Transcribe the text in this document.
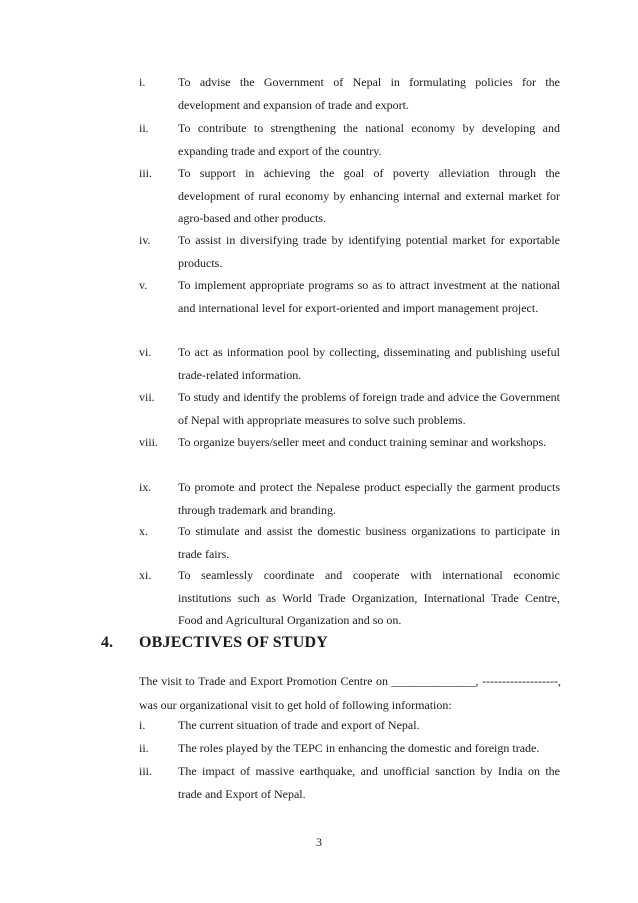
i.	To advise the Government of Nepal in formulating policies for the development and expansion of trade and export.
ii. To contribute to strengthening the national economy by developing and expanding trade and export of the country.
iii. To support in achieving the goal of poverty alleviation through the development of rural economy by enhancing internal and external market for agro-based and other products.
iv. To assist in diversifying trade by identifying potential market for exportable products.
v.	To implement appropriate programs so as to attract investment at the national and international level for export-oriented and import management project.
vi. To act as information pool by collecting, disseminating and publishing useful trade-related information.
vii. To study and identify the problems of foreign trade and advice the Government of Nepal with appropriate measures to solve such problems.
viii. To organize buyers/seller meet and conduct training seminar and workshops.
ix. To promote and protect the Nepalese product especially the garment products through trademark and branding.
x.	To stimulate and assist the domestic business organizations to participate in trade fairs.
xi. To seamlessly coordinate and cooperate with international economic institutions such as World Trade Organization, International Trade Centre, Food and Agricultural Organization and so on.
4. OBJECTIVES OF STUDY
The visit to Trade and Export Promotion Centre on ______________, -------------------, was our organizational visit to get hold of following information:
i.	The current situation of trade and export of Nepal.
ii. The roles played by the TEPC in enhancing the domestic and foreign trade.
iii. The impact of massive earthquake, and unofficial sanction by India on the trade and Export of Nepal.
3
